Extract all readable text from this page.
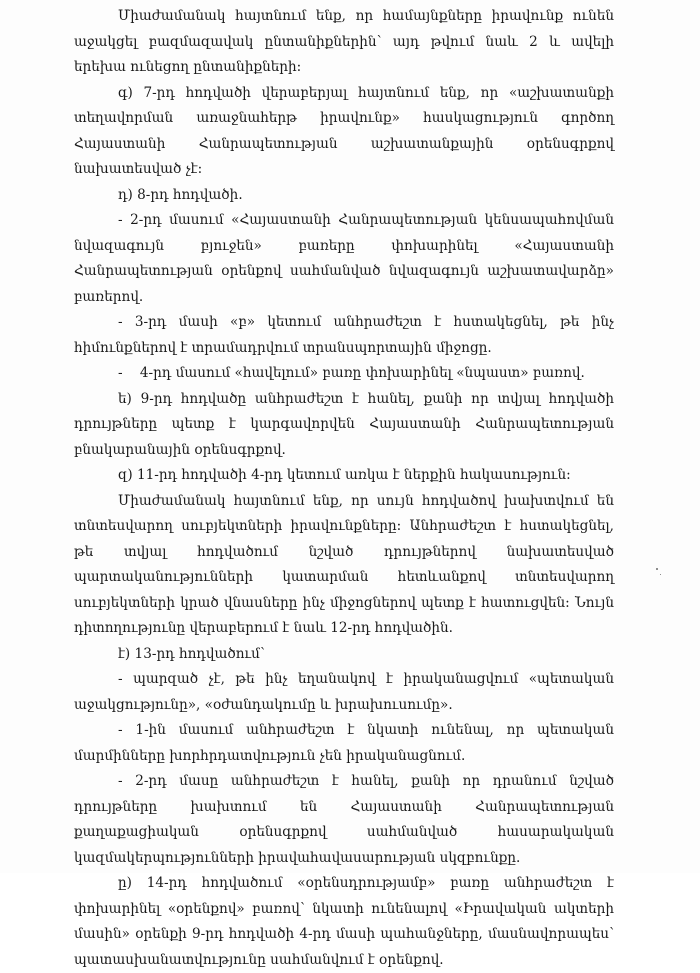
Միաժամանակ հայտնում ենք, որ համայնքները իրավունք ունեն աջակցել բազմազավակ ընտանիքներին՝ այդ թվում նաև 2 և ավելի երեխա ունեցող ընտանիքների։

գ) 7-րդ հոդվածի վերաբերյալ հայտնում ենք, որ «աշխատանքի տեղավորման առաջնահերթ իրավունք» հասկացություն գործող Հայաստանի Հանրապետության աշխատանքային օրենսգրքով նախատեսված չէ։

դ) 8-րդ հոդվածի․

- 2-րդ մասում «Հայաստանի Հանրապետության կենսապահովման նվազագույն բյուջեն» բառերը փոխարինել «Հայաստանի Հանրապետության օրենքով սահմանված նվազագույն աշխատավարձը» բառերով.

- 3-րդ մասի «բ» կետում անհրաժեշտ է հստակեցնել, թե ինչ հիմունքներով է տրամադրվում տրանսպորտային միջոցը.

-    4-րդ մասում «հավելում» բառը փոխարինել «նպաստ» բառով.

ե) 9-րդ հոդվածը անհրաժեշտ է հանել, քանի որ տվյալ հոդվածի դրույթները պետք է կարգավորվեն Հայաստանի Հանրապետության բնակարանային օրենսգրքով.

զ) 11-րդ հոդվածի 4-րդ կետում առկա է ներքին հակասություն։

Միաժամանակ հայտնում ենք, որ սույն հոդվածով խախտվում են տնտեսվարող սուբյեկտների իրավունքները։ Անհրաժեշտ է հստակեցնել, թե տվյալ հոդվածում նշված դրույթներով նախատեսված պարտականությունների կատարման հետևանքով տնտեսվարող սուբյեկտների կրած վնասները ինչ միջոցներով պետք է հատուցվեն։ Նույն դիտողությունը վերաբերում է նաև 12-րդ հոդվածին.

է) 13-րդ հոդվածում՝

- պարզած չէ, թե ինչ եղանակով է իրականացվում «պետական աջակցությունը», «օժանդակումը և խրախուսումը».

- 1-ին մասում անհրաժեշտ է նկատի ունենալ, որ պետական մարմինները խորհրդատվություն չեն իրականացնում.

- 2-րդ մասը անհրաժեշտ է հանել, քանի որ դրանում նշված դրույթները խախտում են Հայաստանի Հանրապետության քաղաքացիական օրենսգրքով սահմանված հասարակական կազմակերպությունների իրավահավասարության սկզբունքը.

ը) 14-րդ հոդվածում «օրենսդրությամբ» բառը անհրաժեշտ է փոխարինել «օրենքով» բառով՝ նկատի ունենալով «Իրավական ակտերի մասին» օրենքի 9-րդ հոդվածի 4-րդ մասի պահանջները, մասնավորապես՝ պատասխանատվությունը սահմանվում է օրենքով.
